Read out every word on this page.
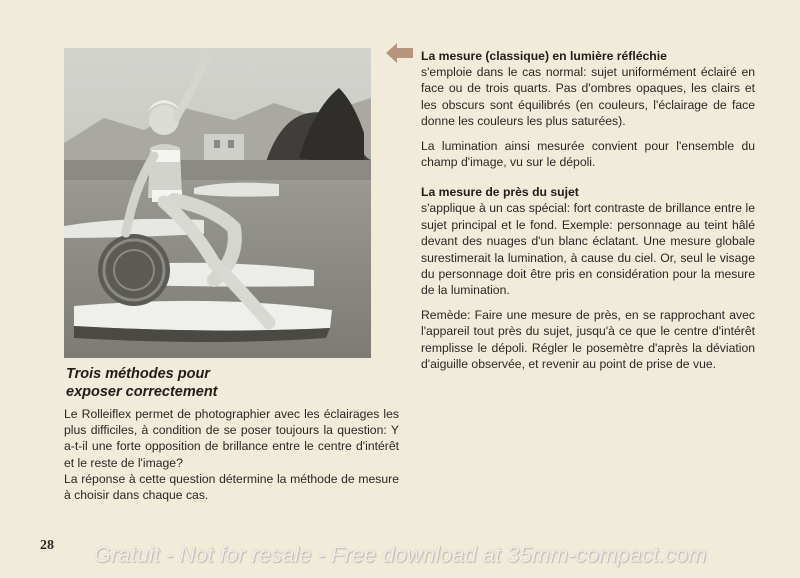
Trois méthodes pour
exposer correctement

Le Rolleiflex permet de photographier avec les éclairages les plus difficiles, à condition de se poser toujours la question: Y a-t-il une forte opposition de brillance entre le centre d'intérêt et le reste de l'image?

La réponse à cette question détermine la méthode de mesure à choisir dans chaque cas.

La mesure (classique) en lumière réfléchie

s'emploie dans le cas normal: sujet uniformément éclairé en face ou de trois quarts. Pas d'ombres opaques, les clairs et les obscurs sont équilibrés (en couleurs, l'éclairage de face donne les couleurs les plus saturées).

La lumination ainsi mesurée convient pour l'ensemble du champ d'image, vu sur le dépoli.

La mesure de près du sujet

s'applique à un cas spécial: fort contraste de brillance entre le sujet principal et le fond. Exemple: personnage au teint hâlé devant des nuages d'un blanc éclatant. Une mesure globale surestimerait la lumination, à cause du ciel. Or, seul le visage du personnage doit être pris en considération pour la mesure de la lumination.

Remède: Faire une mesure de près, en se rapprochant avec l'appareil tout près du sujet, jusqu'à ce que le centre d'intérêt remplisse le dépoli. Régler le posemètre d'après la déviation d'aiguille observée, et revenir au point de prise de vue.

28	Gratuit - Not for resale - Free download at 35mm-compact.com
